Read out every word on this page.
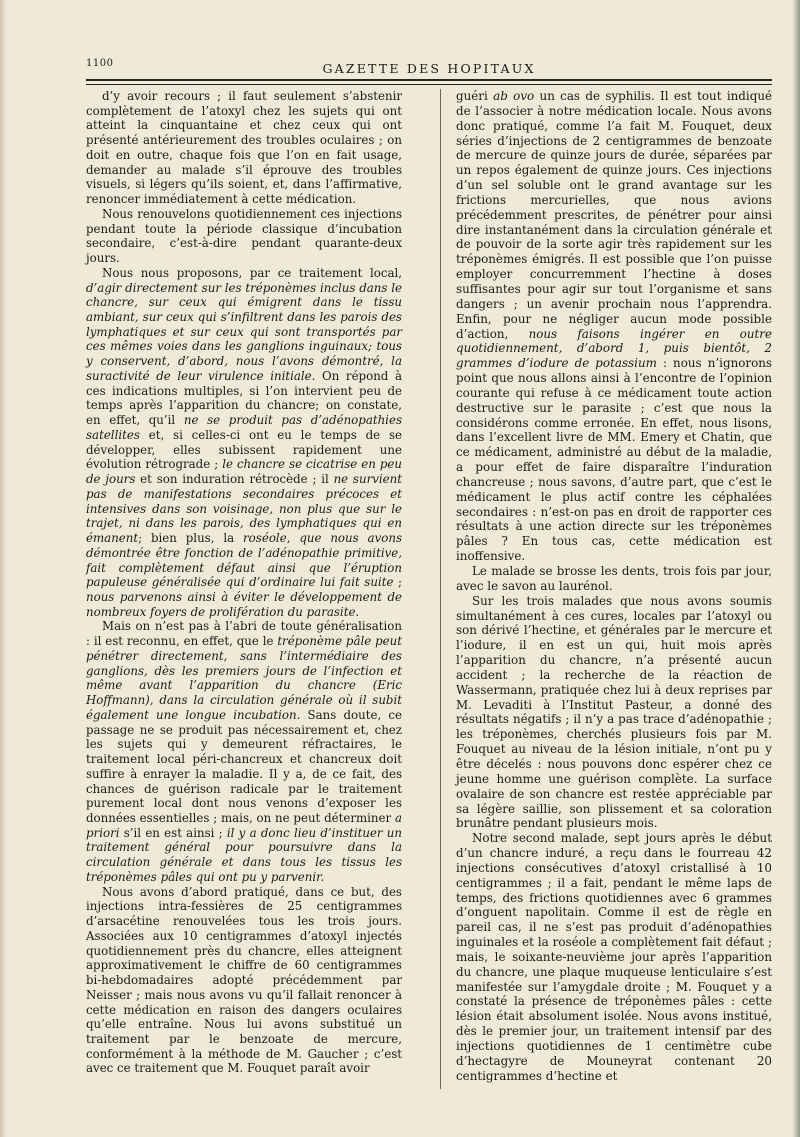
1100	GAZETTE DES HOPITAUX

d’y avoir recours ; il faut seulement s’abstenir complètement de l’atoxyl chez les sujets qui ont atteint la cinquantaine et chez ceux qui ont présenté antérieurement des troubles oculaires ; on doit en outre, chaque fois que l’on en fait usage, demander au malade s’il éprouve des troubles visuels, si légers qu’ils soient, et, dans l’affirmative, renoncer immédiatement à cette médication.

Nous renouvelons quotidiennement ces injections pendant toute la période classique d’incubation secondaire, c’est-à-dire pendant quarante-deux jours.

Nous nous proposons, par ce traitement local, d’agir directement sur les tréponèmes inclus dans le chancre, sur ceux qui émigrent dans le tissu ambiant, sur ceux qui s’infiltrent dans les parois des lymphatiques et sur ceux qui sont transportés par ces mêmes voies dans les ganglions inguinaux; tous y conservent, d’abord, nous l’avons démontré, la suractivité de leur virulence initiale. On répond à ces indications multiples, si l’on intervient peu de temps après l’apparition du chancre; on constate, en effet, qu’il ne se produit pas d’adénopathies satellites et, si celles-ci ont eu le temps de se développer, elles subissent rapidement une évolution rétrograde ; le chancre se cicatrise en peu de jours et son induration rétrocède ; il ne survient pas de manifestations secondaires précoces et intensives dans son voisinage, non plus que sur le trajet, ni dans les parois, des lymphatiques qui en émanent; bien plus, la roséole, que nous avons démontrée être fonction de l’adénopathie primitive, fait complètement défaut ainsi que l’éruption papuleuse généralisée qui d’ordinaire lui fait suite ; nous parvenons ainsi à éviter le développement de nombreux foyers de prolifération du parasite.

Mais on n’est pas à l’abri de toute généralisation : il est reconnu, en effet, que le tréponème pâle peut pénétrer directement, sans l’intermédiaire des ganglions, dès les premiers jours de l’infection et même avant l’apparition du chancre (Eric Hoffmann), dans la circulation générale où il subit également une longue incubation. Sans doute, ce passage ne se produit pas nécessairement et, chez les sujets qui y demeurent réfractaires, le traitement local péri-chancreux et chancreux doit suffire à enrayer la maladie. Il y a, de ce fait, des chances de guérison radicale par le traitement purement local dont nous venons d’exposer les données essentielles ; mais, on ne peut déterminer a priori s’il en est ainsi ; il y a donc lieu d’instituer un traitement général pour poursuivre dans la circulation générale et dans tous les tissus les tréponèmes pâles qui ont pu y parvenir.

Nous avons d’abord pratiqué, dans ce but, des injections intra-fessières de 25 centigrammes d’arsacétine renouvelées tous les trois jours. Associées aux 10 centigrammes d’atoxyl injectés quotidiennement près du chancre, elles atteignent approximativement le chiffre de 60 centigrammes bi-hebdomadaires adopté précédemment par Neisser ; mais nous avons vu qu’il fallait renoncer à cette médication en raison des dangers oculaires qu’elle entraîne. Nous lui avons substitué un traitement par le benzoate de mercure, conformément à la méthode de M. Gaucher ; c’est avec ce traitement que M. Fouquet paraît avoir

guéri ab ovo un cas de syphilis. Il est tout indiqué de l’associer à notre médication locale. Nous avons donc pratiqué, comme l’a fait M. Fouquet, deux séries d’injections de 2 centigrammes de benzoate de mercure de quinze jours de durée, séparées par un repos également de quinze jours. Ces injections d’un sel soluble ont le grand avantage sur les frictions mercurielles, que nous avions précédemment prescrites, de pénétrer pour ainsi dire instantanément dans la circulation générale et de pouvoir de la sorte agir très rapidement sur les tréponèmes émigrés. Il est possible que l’on puisse employer concurremment l’hectine à doses suffisantes pour agir sur tout l’organisme et sans dangers ; un avenir prochain nous l’apprendra. Enfin, pour ne négliger aucun mode possible d’action, nous faisons ingérer en outre quotidiennement, d’abord 1, puis bientôt, 2 grammes d’iodure de potassium : nous n’ignorons point que nous allons ainsi à l’encontre de l’opinion courante qui refuse à ce médicament toute action destructive sur le parasite ; c’est que nous la considérons comme erronée. En effet, nous lisons, dans l’excellent livre de MM. Emery et Chatin, que ce médicament, administré au début de la maladie, a pour effet de faire disparaître l’induration chancreuse ; nous savons, d’autre part, que c’est le médicament le plus actif contre les céphalées secondaires : n’est-on pas en droit de rapporter ces résultats à une action directe sur les tréponèmes pâles ? En tous cas, cette médication est inoffensive.

Le malade se brosse les dents, trois fois par jour, avec le savon au laurénol.

Sur les trois malades que nous avons soumis simultanément à ces cures, locales par l’atoxyl ou son dérivé l’hectine, et générales par le mercure et l’iodure, il en est un qui, huit mois après l’apparition du chancre, n’a présenté aucun accident ; la recherche de la réaction de Wassermann, pratiquée chez lui à deux reprises par M. Levaditi à l’Institut Pasteur, a donné des résultats négatifs ; il n’y a pas trace d’adénopathie ; les tréponèmes, cherchés plusieurs fois par M. Fouquet au niveau de la lésion initiale, n’ont pu y être décelés : nous pouvons donc espérer chez ce jeune homme une guérison complète. La surface ovalaire de son chancre est restée appréciable par sa légère saillie, son plissement et sa coloration brunâtre pendant plusieurs mois.

Notre second malade, sept jours après le début d’un chancre induré, a reçu dans le fourreau 42 injections consécutives d’atoxyl cristallisé à 10 centigrammes ; il a fait, pendant le même laps de temps, des frictions quotidiennes avec 6 grammes d’onguent napolitain. Comme il est de règle en pareil cas, il ne s’est pas produit d’adénopathies inguinales et la roséole a complètement fait défaut ; mais, le soixante-neuvième jour après l’apparition du chancre, une plaque muqueuse lenticulaire s’est manifestée sur l’amygdale droite ; M. Fouquet y a constaté la présence de tréponèmes pâles : cette lésion était absolument isolée. Nous avons institué, dès le premier jour, un traitement intensif par des injections quotidiennes de 1 centimètre cube d’hectagyre de Mouneyrat contenant 20 centigrammes d’hectine et
